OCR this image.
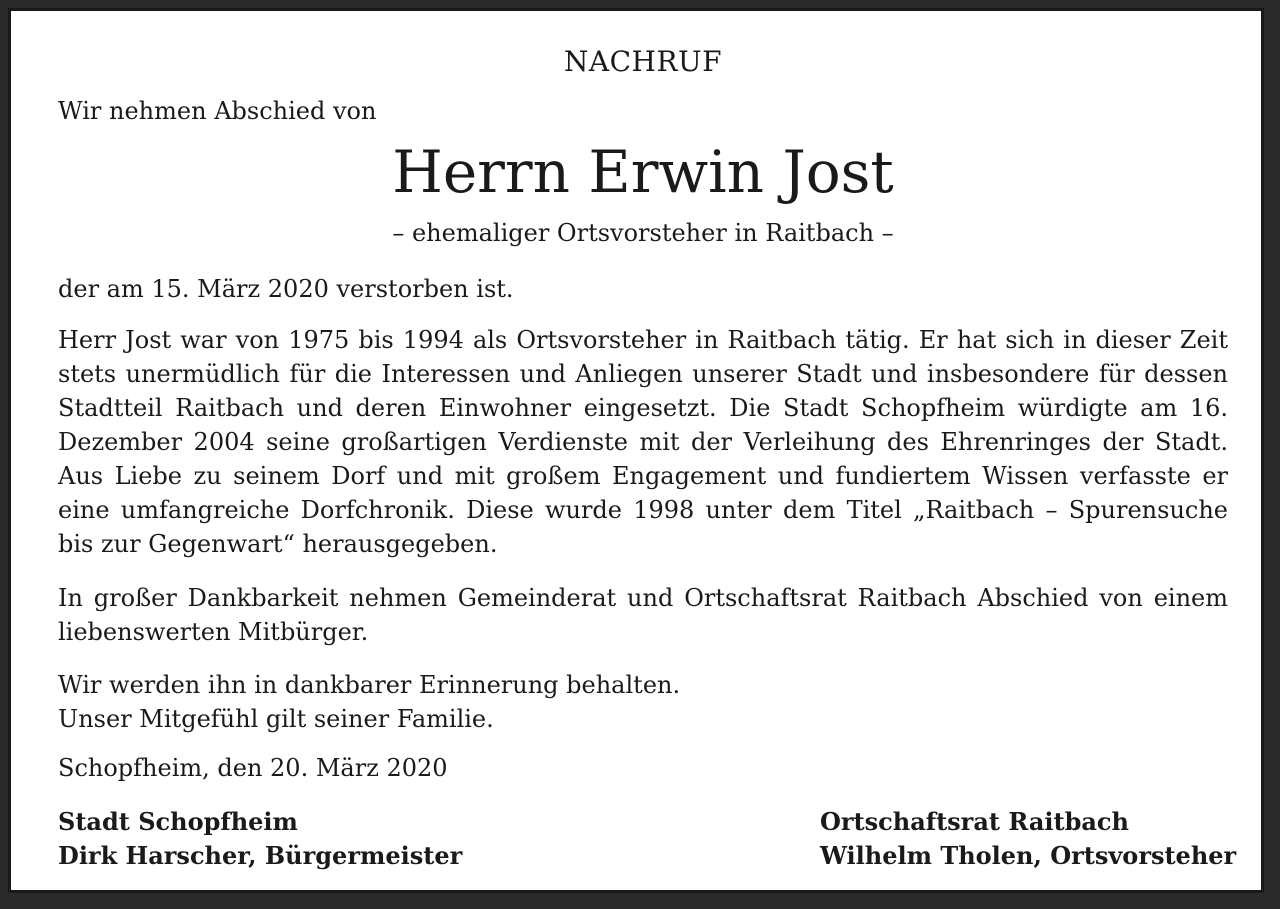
NACHRUF
Wir nehmen Abschied von
Herrn Erwin Jost
– ehemaliger Ortsvorsteher in Raitbach –
der am 15. März 2020 verstorben ist.

Herr Jost war von 1975 bis 1994 als Ortsvorsteher in Raitbach tätig. Er hat sich in dieser Zeit stets unermüdlich für die Interessen und Anliegen unserer Stadt und insbesondere für dessen Stadtteil Raitbach und deren Einwohner eingesetzt. Die Stadt Schopfheim würdigte am 16. Dezember 2004 seine großartigen Verdienste mit der Verleihung des Ehrenringes der Stadt. Aus Liebe zu seinem Dorf und mit großem Engagement und fundiertem Wissen verfasste er eine umfangreiche Dorfchronik. Diese wurde 1998 unter dem Titel „Raitbach – Spurensuche bis zur Gegenwart“ herausgegeben.

In großer Dankbarkeit nehmen Gemeinderat und Ortschaftsrat Raitbach Abschied von einem liebenswerten Mitbürger.

Wir werden ihn in dankbarer Erinnerung behalten.
Unser Mitgefühl gilt seiner Familie.
Schopfheim, den 20. März 2020
Stadt Schopfheim
Dirk Harscher, Bürgermeister
Ortschaftsrat Raitbach
Wilhelm Tholen, Ortsvorsteher
